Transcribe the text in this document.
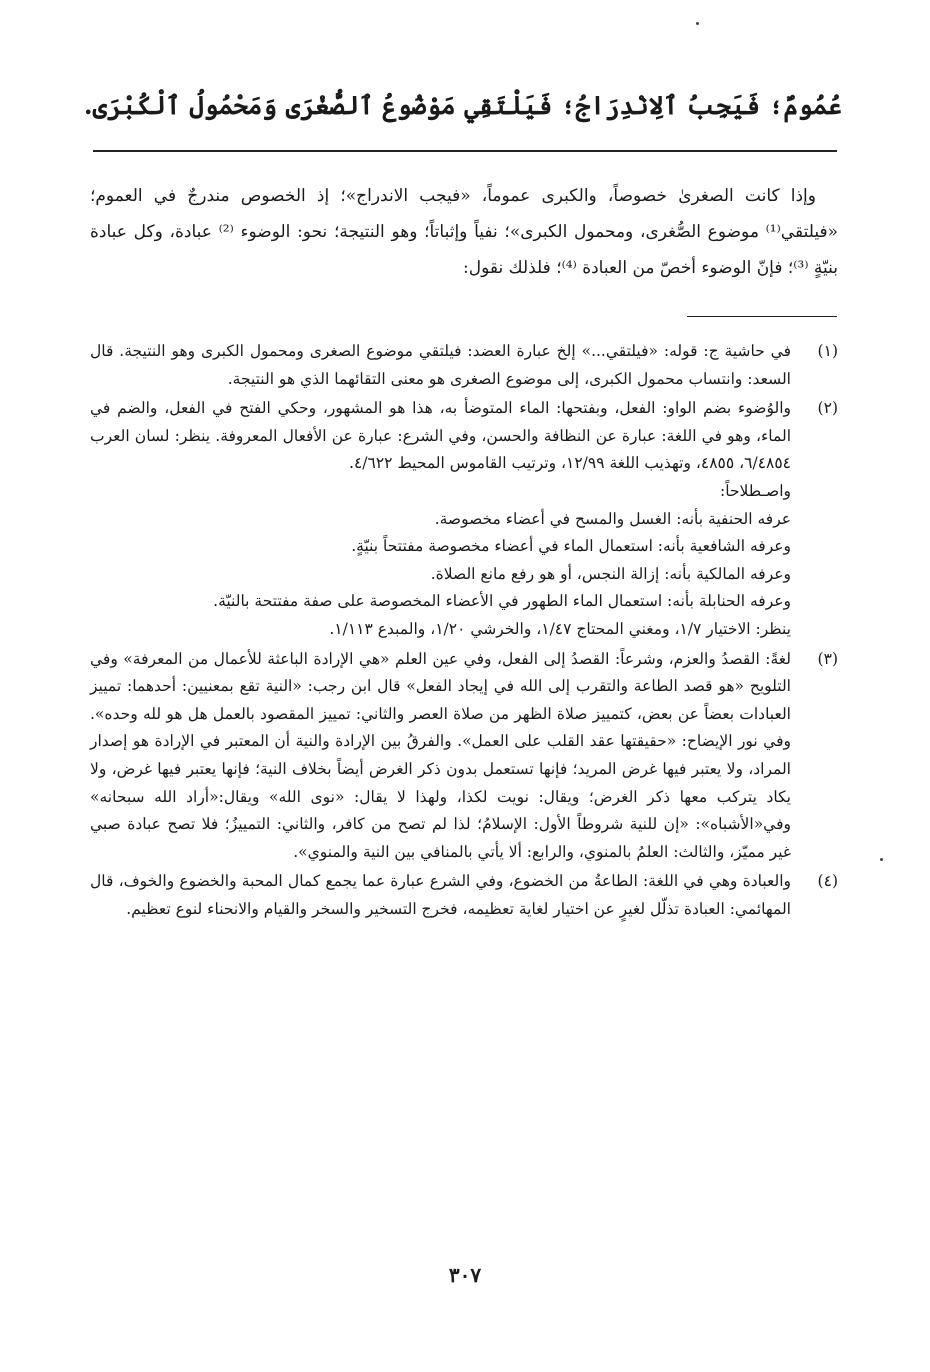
عُمُومٌ؛ فَيَجِبُ ٱلِانْدِرَاجُ؛ فَيَلْتَقِي مَوْضُوعُ ٱلصُّغْرَى وَمَحْمُولُ ٱلْكُبْرَى.

وإذا كانت الصغرىٰ خصوصاً، والكبرى عموماً، «فيجب الاندراج»؛ إذ الخصوص مندرجٌ في العموم؛ «فيلتقي⁽¹⁾ موضوع الصُّغرى، ومحمول الكبرى»؛ نفياً وإثباتاً؛ وهو النتيجة؛ نحو: الوضوء ⁽²⁾ عبادة، وكل عبادة بنيّةٍ ⁽³⁾؛ فإنّ الوضوء أخصّ من العبادة ⁽⁴⁾؛ فلذلك نقول:

(١)

في حاشية ج: قوله: «فيلتقي...» إلخ عبارة العضد: فيلتقي موضوع الصغرى ومحمول الكبرى وهو النتيجة. قال السعد: وانتساب محمول الكبرى، إلى موضوع الصغرى هو معنى التقائهما الذي هو النتيجة.

(٢)

والوُضوء بضم الواو: الفعل، وبفتحها: الماء المتوضأ به، هذا هو المشهور، وحكي الفتح في الفعل، والضم في الماء، وهو في اللغة: عبارة عن النظافة والحسن، وفي الشرع: عبارة عن الأفعال المعروفة. ينظر: لسان العرب ٦/٤٨٥٤، ٤٨٥٥، وتهذيب اللغة ١٢/٩٩، وترتيب القاموس المحيط ٤/٦٢٢.

واصـطلاحاً:

عرفه الحنفية بأنه: الغسل والمسح في أعضاء مخصوصة.

وعرفه الشافعية بأنه: استعمال الماء في أعضاء مخصوصة مفتتحاً بنيّةٍ.

وعرفه المالكية بأنه: إزالة النجس، أو هو رفع مانع الصلاة.

وعرفه الحنابلة بأنه: استعمال الماء الطهور في الأعضاء المخصوصة على صفة مفتتحة بالنيّة.

ينظر: الاختيار ١/٧، ومغني المحتاج ١/٤٧، والخرشي ١/٢٠، والمبدع ١/١١٣.

(٣)

لغةً: القصدُ والعزم، وشرعاً: القصدُ إلى الفعل، وفي عين العلم «هي الإرادة الباعثة للأعمال من المعرفة» وفي التلويح «هو قصد الطاعة والتقرب إلى الله في إيجاد الفعل» قال ابن رجب: «النية تقع بمعنيين: أحدهما: تمييز العبادات بعضاً عن بعض، كتمييز صلاة الظهر من صلاة العصر والثاني: تمييز المقصود بالعمل هل هو لله وحده». وفي نور الإيضاح: «حقيقتها عقد القلب على العمل». والفرقُ بين الإرادة والنية أن المعتبر في الإرادة هو إصدار المراد، ولا يعتبر فيها غرض المريد؛ فإنها تستعمل بدون ذكر الغرض أيضاً بخلاف النية؛ فإنها يعتبر فيها غرض، ولا يكاد يتركب معها ذكر الغرض؛ ويقال: نويت لكذا، ولهذا لا يقال: «نوى الله» ويقال:«أراد الله سبحانه» وفي«الأشباه»: «إن للنية شروطاً الأول: الإسلامُ؛ لذا لم تصح من كافر، والثاني: التمييزُ؛ فلا تصح عبادة صبي غير مميّز، والثالث: العلمُ بالمنوي، والرابع: ألا يأتي بالمنافي بين النية والمنوي».

(٤)

والعبادة وهي في اللغة: الطاعةُ من الخضوع، وفي الشرع عبارة عما يجمع كمال المحبة والخضوع والخوف، قال المهائمي: العبادة تذلّل لغيرٍ عن اختيار لغاية تعظيمه، فخرج التسخير والسخر والقيام والانحناء لنوع تعظيم.

٣٠٧
